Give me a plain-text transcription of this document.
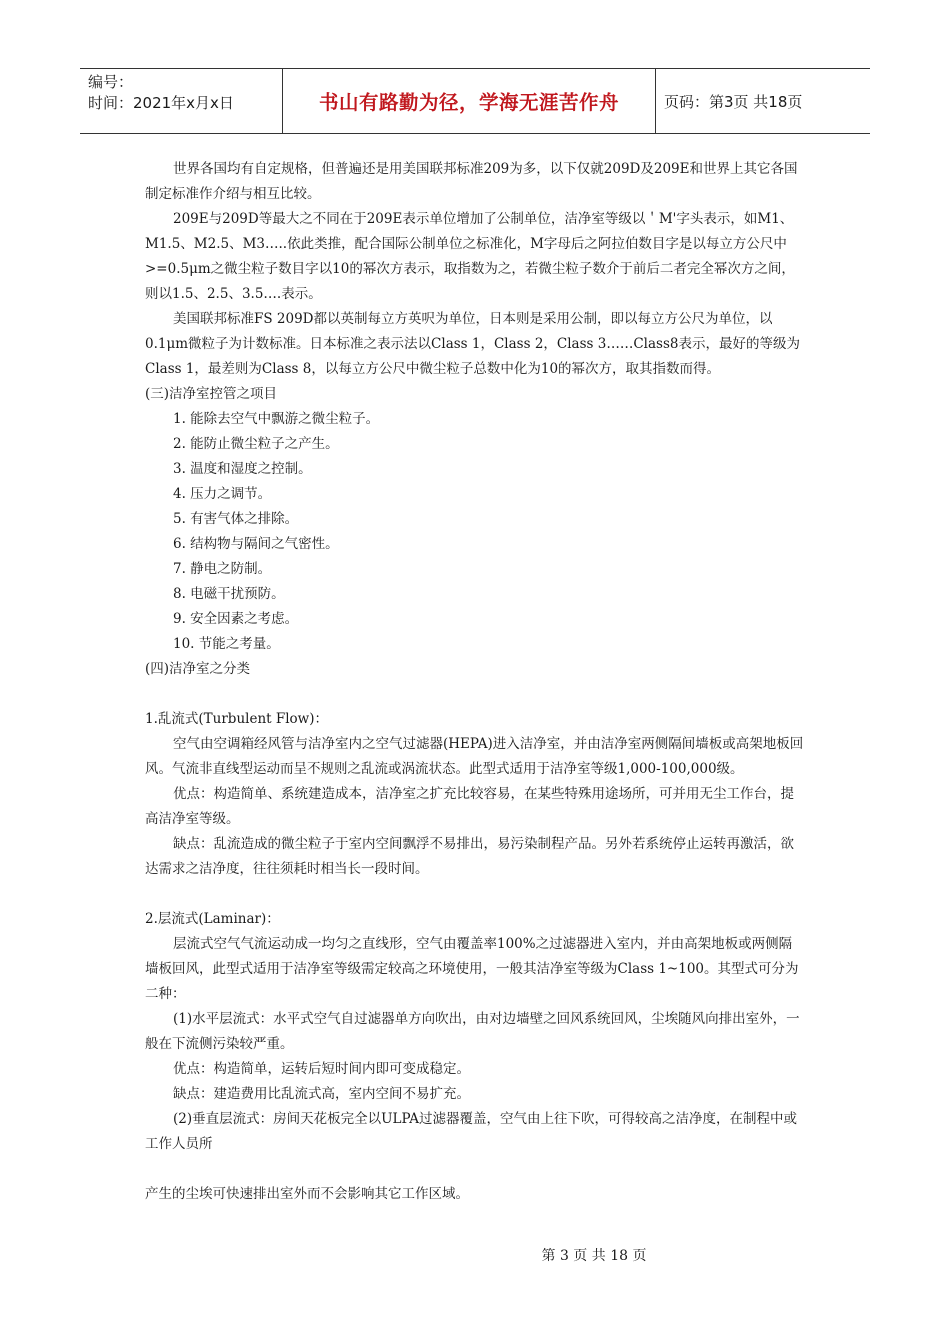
编号：
时间：2021年x月x日	书山有路勤为径，学海无涯苦作舟	页码：第3页 共18页

世界各国均有自定规格，但普遍还是用美国联邦标准209为多，以下仅就209D及209E和世界上其它各国制定标准作介绍与相互比较。

209E与209D等最大之不同在于209E表示单位增加了公制单位，洁净室等级以＇M'字头表示，如M1、M1.5、M2.5、M3…..依此类推，配合国际公制单位之标准化，M字母后之阿拉伯数目字是以每立方公尺中>=0.5μm之微尘粒子数目字以10的幂次方表示，取指数为之，若微尘粒子数介于前后二者完全幂次方之间，则以1.5、2.5、3.5….表示。

美国联邦标准FS 209D都以英制每立方英呎为单位，日本则是采用公制，即以每立方公尺为单位，以0.1μm微粒子为计数标准。日本标准之表示法以Class 1，Class 2，Class 3……Class8表示，最好的等级为Class 1，最差则为Class 8，以每立方公尺中微尘粒子总数中化为10的幂次方，取其指数而得。

(三)洁净室控管之项目

1. 能除去空气中飘游之微尘粒子。

2. 能防止微尘粒子之产生。

3. 温度和湿度之控制。

4. 压力之调节。

5. 有害气体之排除。

6. 结构物与隔间之气密性。

7. 静电之防制。

8. 电磁干扰预防。

9. 安全因素之考虑。

10. 节能之考量。

(四)洁净室之分类

1.乱流式(Turbulent Flow)：

空气由空调箱经风管与洁净室内之空气过滤器(HEPA)进入洁净室，并由洁净室两侧隔间墙板或高架地板回风。气流非直线型运动而呈不规则之乱流或涡流状态。此型式适用于洁净室等级1,000-100,000级。

优点：构造简单、系统建造成本，洁净室之扩充比较容易，在某些特殊用途场所，可并用无尘工作台，提高洁净室等级。

缺点：乱流造成的微尘粒子于室内空间飘浮不易排出，易污染制程产品。另外若系统停止运转再激活，欲达需求之洁净度，往往须耗时相当长一段时间。

2.层流式(Laminar)：

层流式空气气流运动成一均匀之直线形，空气由覆盖率100%之过滤器进入室内，并由高架地板或两侧隔墙板回风，此型式适用于洁净室等级需定较高之环境使用，一般其洁净室等级为Class 1~100。其型式可分为二种：

(1)水平层流式：水平式空气自过滤器单方向吹出，由对边墙壁之回风系统回风，尘埃随风向排出室外，一般在下流侧污染较严重。

优点：构造简单，运转后短时间内即可变成稳定。

缺点：建造费用比乱流式高，室内空间不易扩充。

(2)垂直层流式：房间天花板完全以ULPA过滤器覆盖，空气由上往下吹，可得较高之洁净度，在制程中或工作人员所

产生的尘埃可快速排出室外而不会影响其它工作区域。

第 3 页 共 18 页
